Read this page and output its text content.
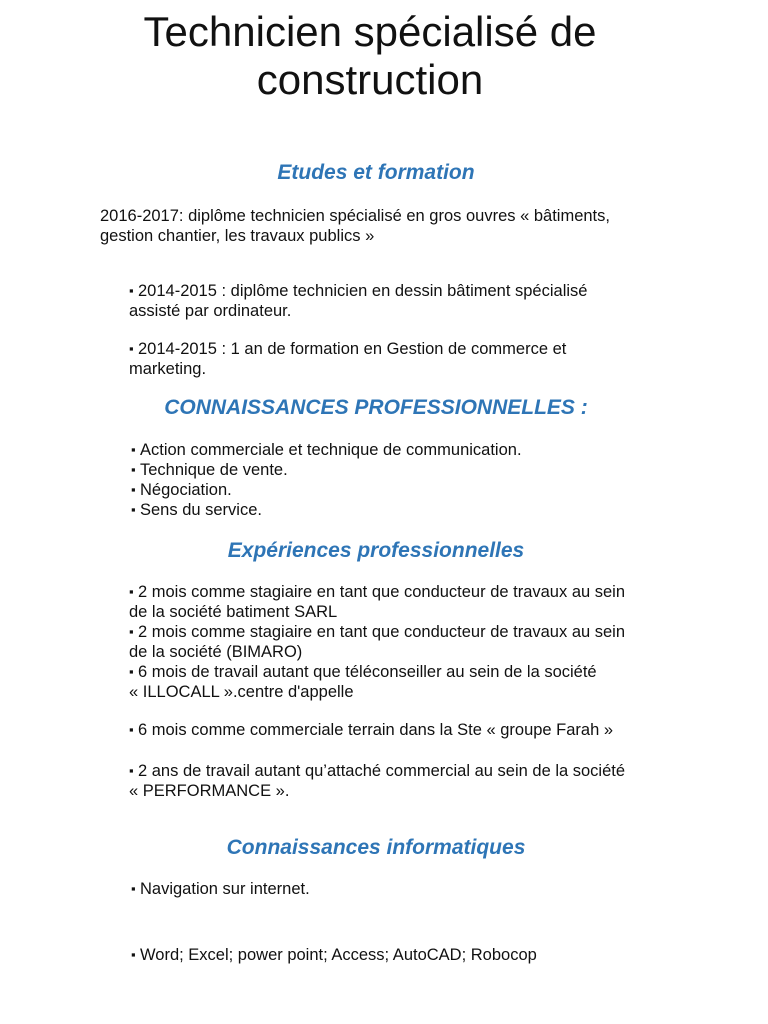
Technicien spécialisé de
construction
Etudes et formation

2016-2017: diplôme technicien spécialisé en gros ouvres « bâtiments,
gestion chantier, les travaux publics »

▪ 2014-2015 : diplôme technicien en dessin bâtiment spécialisé
assisté par ordinateur.

▪ 2014-2015 : 1 an de formation en Gestion de commerce et
marketing.

CONNAISSANCES PROFESSIONNELLES :

▪ Action commerciale et technique de communication.
▪ Technique de vente.
▪ Négociation.
▪ Sens du service.

Expériences professionnelles

▪ 2 mois comme stagiaire en tant que conducteur de travaux au sein
de la société batiment SARL
▪ 2 mois comme stagiaire en tant que conducteur de travaux au sein
de la société (BIMARO)
▪ 6 mois de travail autant que téléconseiller au sein de la société
« ILLOCALL ».centre d'appelle

▪ 6 mois comme commerciale terrain dans la Ste « groupe Farah »

▪ 2 ans de travail autant qu’attaché commercial au sein de la société
« PERFORMANCE ».

Connaissances informatiques

▪ Navigation sur internet.

▪ Word; Excel; power point; Access; AutoCAD; Robocop
